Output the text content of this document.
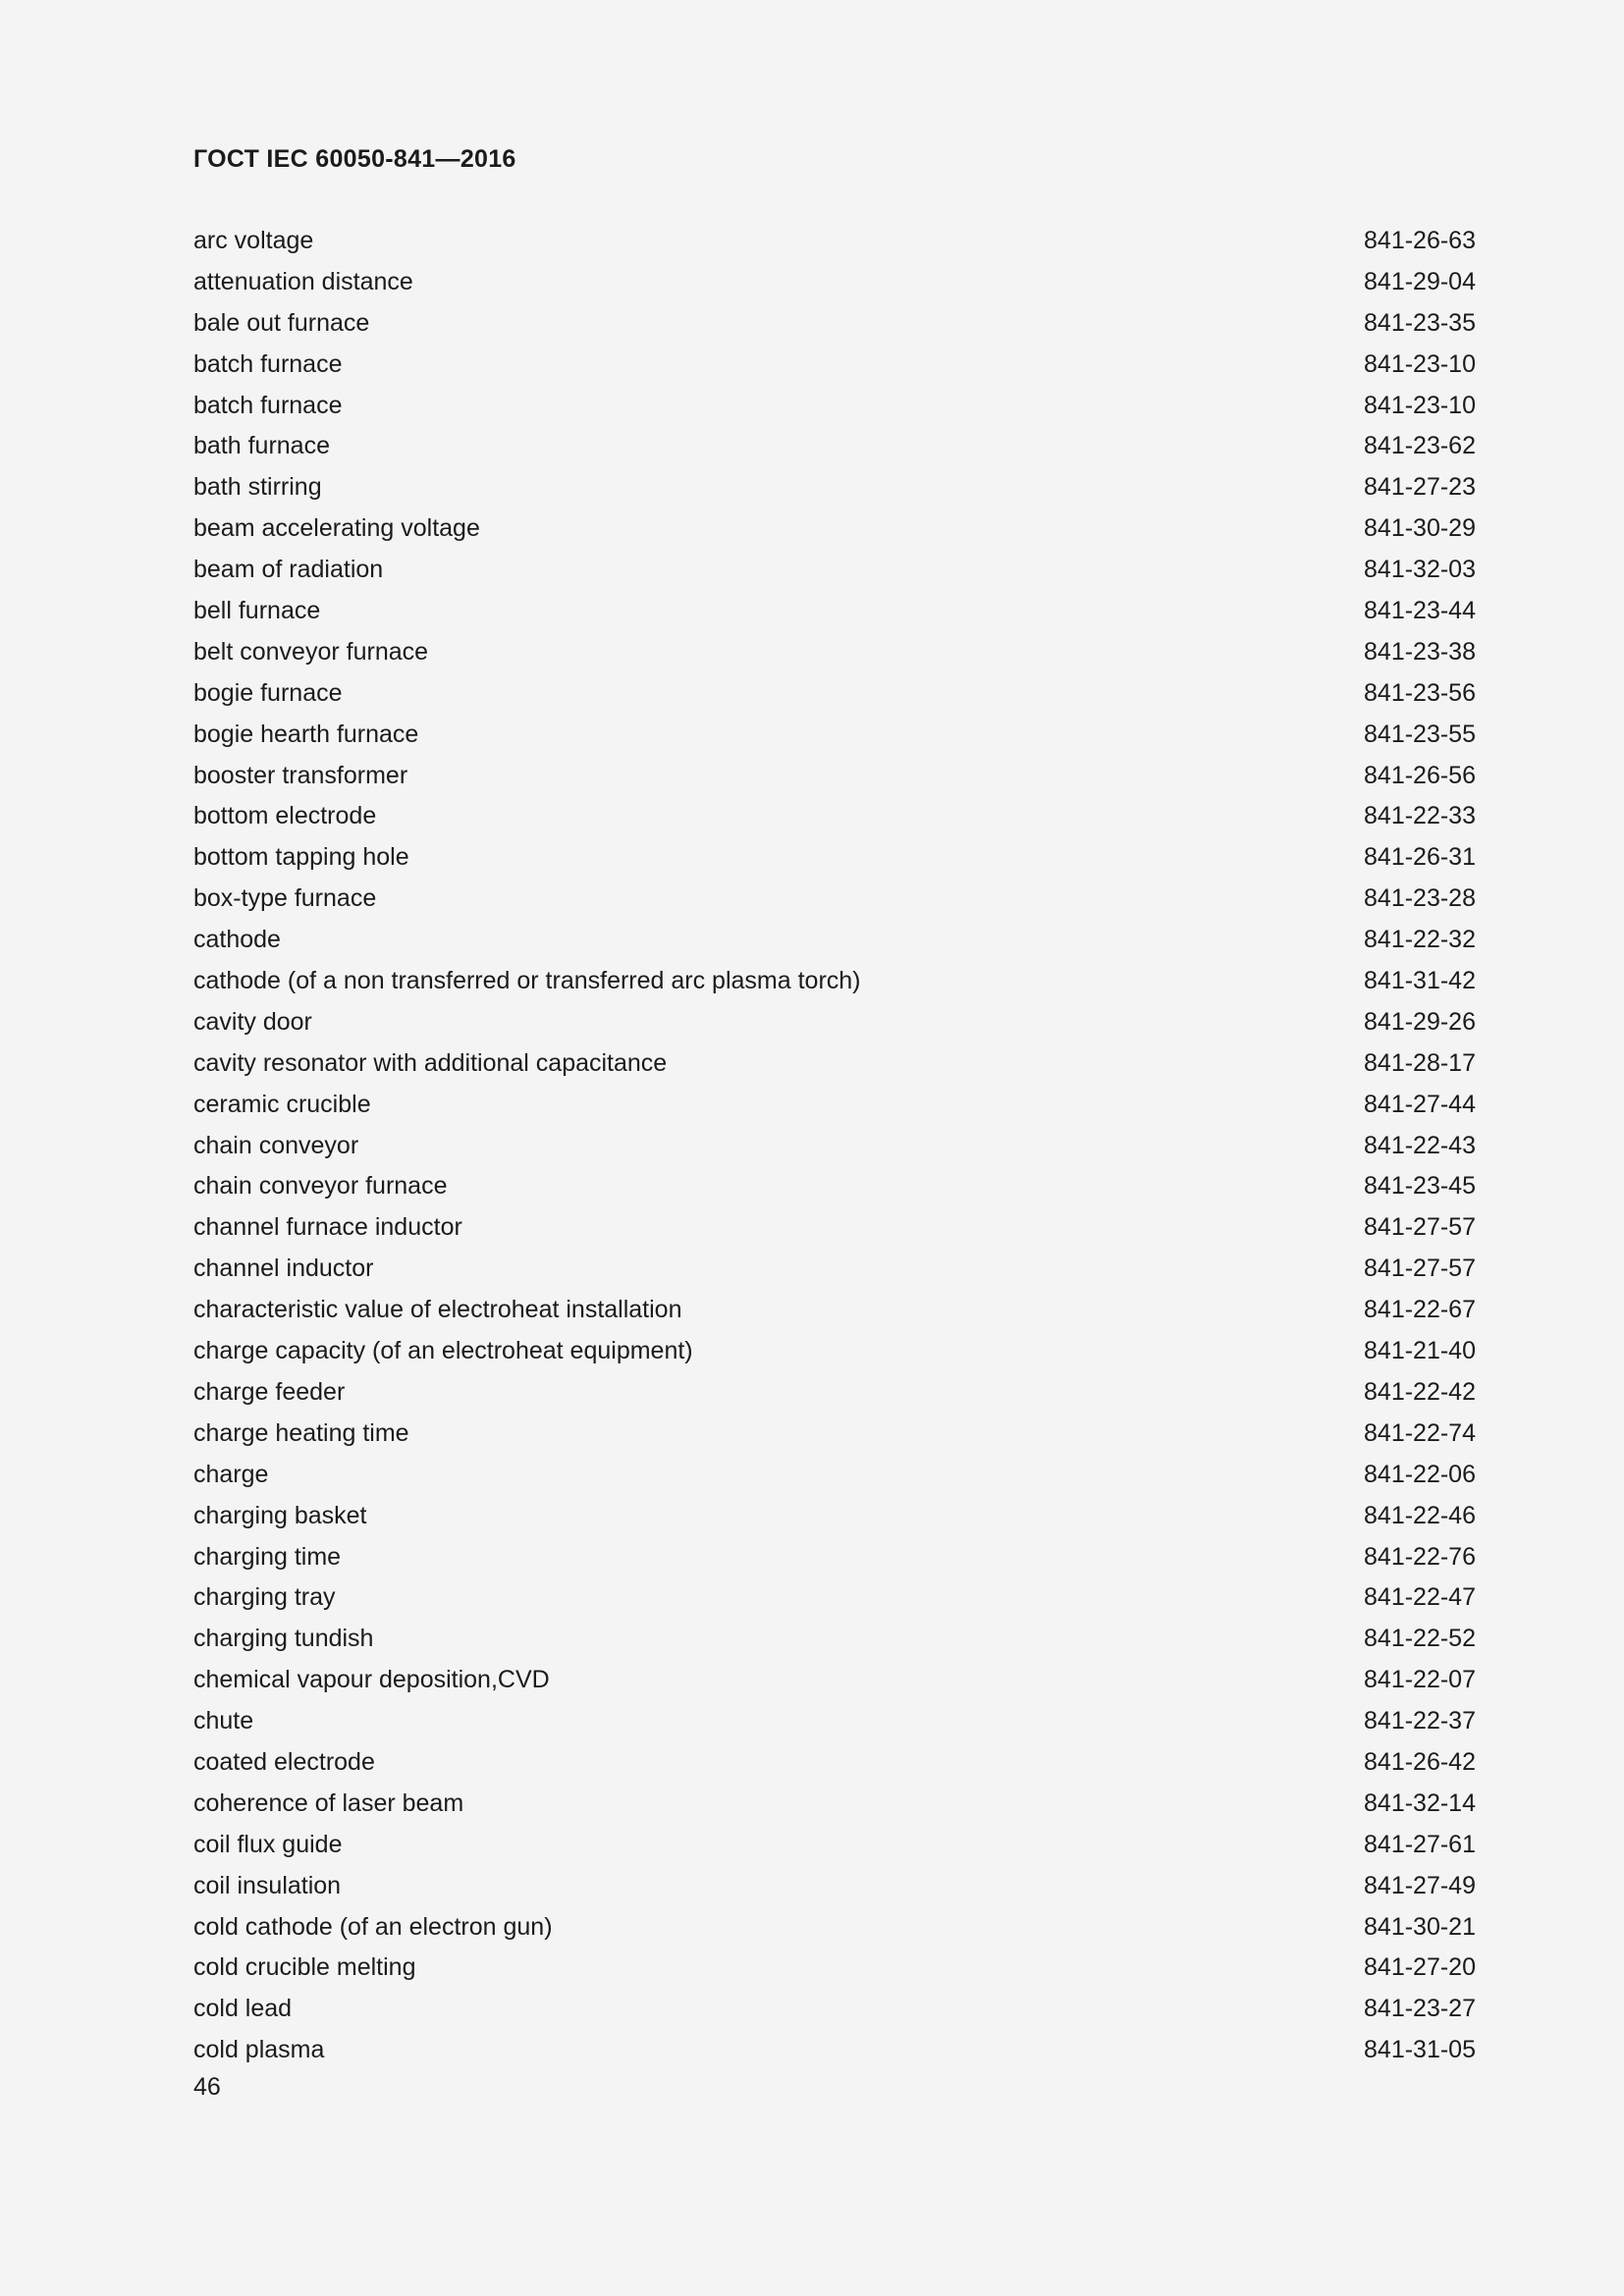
ГОСТ IEC 60050-841—2016
arc voltage	841-26-63
attenuation distance	841-29-04
bale out furnace	841-23-35
batch furnace	841-23-10
batch furnace	841-23-10
bath furnace	841-23-62
bath stirring	841-27-23
beam accelerating voltage	841-30-29
beam of radiation	841-32-03
bell furnace	841-23-44
belt conveyor furnace	841-23-38
bogie furnace	841-23-56
bogie hearth furnace	841-23-55
booster transformer	841-26-56
bottom electrode	841-22-33
bottom tapping hole	841-26-31
box-type furnace	841-23-28
cathode	841-22-32
cathode (of a non transferred or transferred arc plasma torch)	841-31-42
cavity door	841-29-26
cavity resonator with additional capacitance	841-28-17
ceramic crucible	841-27-44
chain conveyor	841-22-43
chain conveyor furnace	841-23-45
channel furnace inductor	841-27-57
channel inductor	841-27-57
characteristic value of electroheat installation	841-22-67
charge capacity (of an electroheat equipment)	841-21-40
charge feeder	841-22-42
charge heating time	841-22-74
charge	841-22-06
charging basket	841-22-46
charging time	841-22-76
charging tray	841-22-47
charging tundish	841-22-52
chemical vapour deposition,CVD	841-22-07
chute	841-22-37
coated electrode	841-26-42
coherence of laser beam	841-32-14
coil flux guide	841-27-61
coil insulation	841-27-49
cold cathode (of an electron gun)	841-30-21
cold crucible melting	841-27-20
cold lead	841-23-27
cold plasma	841-31-05
46
